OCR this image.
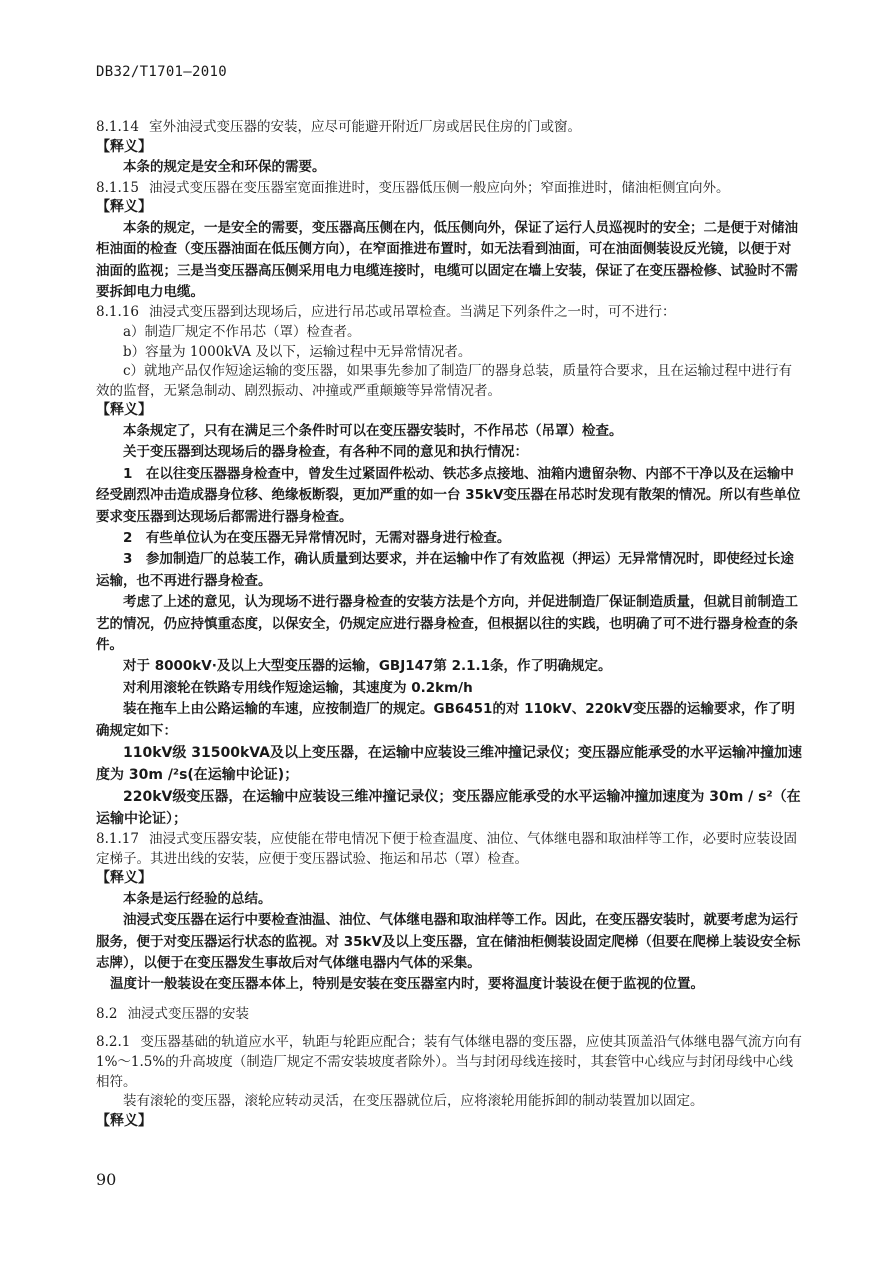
DB32/T1701—2010

8.1.14 室外油浸式变压器的安装，应尽可能避开附近厂房或居民住房的门或窗。

【释义】

本条的规定是安全和环保的需要。

8.1.15 油浸式变压器在变压器室宽面推进时，变压器低压侧一般应向外；窄面推进时，储油柜侧宜向外。

【释义】

本条的规定，一是安全的需要，变压器高压侧在内，低压侧向外，保证了运行人员巡视时的安全；二是便于对储油柜油面的检查（变压器油面在低压侧方向），在窄面推进布置时，如无法看到油面，可在油面侧装设反光镜，以便于对油面的监视；三是当变压器高压侧采用电力电缆连接时，电缆可以固定在墙上安装，保证了在变压器检修、试验时不需要拆卸电力电缆。

8.1.16 油浸式变压器到达现场后，应进行吊芯或吊罩检查。当满足下列条件之一时，可不进行：

a）制造厂规定不作吊芯（罩）检查者。

b）容量为 1000kVA 及以下，运输过程中无异常情况者。

c）就地产品仅作短途运输的变压器，如果事先参加了制造厂的器身总装，质量符合要求，且在运输过程中进行有效的监督，无紧急制动、剧烈振动、冲撞或严重颠簸等异常情况者。

【释义】

本条规定了，只有在满足三个条件时可以在变压器安装时，不作吊芯（吊罩）检查。

关于变压器到达现场后的器身检查，有各种不同的意见和执行情况：

1　在以往变压器器身检查中，曾发生过紧固件松动、铁芯多点接地、油箱内遗留杂物、内部不干净以及在运输中经受剧烈冲击造成器身位移、绝缘板断裂，更加严重的如一台 35kV变压器在吊芯时发现有散架的情况。所以有些单位要求变压器到达现场后都需进行器身检查。

2　有些单位认为在变压器无异常情况时，无需对器身进行检查。

3　参加制造厂的总装工作，确认质量到达要求，并在运输中作了有效监视（押运）无异常情况时，即使经过长途运输，也不再进行器身检查。

考虑了上述的意见，认为现场不进行器身检查的安装方法是个方向，并促进制造厂保证制造质量，但就目前制造工艺的情况，仍应持慎重态度，以保安全，仍规定应进行器身检查，但根据以往的实践，也明确了可不进行器身检查的条件。

对于 8000kV·及以上大型变压器的运输，GBJ147第 2.1.1条，作了明确规定。

对利用滚轮在铁路专用线作短途运输，其速度为 0.2km/h

装在拖车上由公路运输的车速，应按制造厂的规定。GB6451的对 110kV、220kV变压器的运输要求，作了明确规定如下：

110kV级 31500kVA及以上变压器，在运输中应装设三维冲撞记录仪；变压器应能承受的水平运输冲撞加速度为 30m /²s(在运输中论证)；

220kV级变压器，在运输中应装设三维冲撞记录仪；变压器应能承受的水平运输冲撞加速度为 30m / s²（在运输中论证）；

8.1.17 油浸式变压器安装，应使能在带电情况下便于检查温度、油位、气体继电器和取油样等工作，必要时应装设固定梯子。其进出线的安装，应便于变压器试验、拖运和吊芯（罩）检查。

【释义】

本条是运行经验的总结。

油浸式变压器在运行中要检查油温、油位、气体继电器和取油样等工作。因此，在变压器安装时，就要考虑为运行服务，便于对变压器运行状态的监视。对 35kV及以上变压器，宜在储油柜侧装设固定爬梯（但要在爬梯上装设安全标志牌），以便于在变压器发生事故后对气体继电器内气体的采集。

温度计一般装设在变压器本体上，特别是安装在变压器室内时，要将温度计装设在便于监视的位置。

8.2 油浸式变压器的安装

8.2.1 变压器基础的轨道应水平，轨距与轮距应配合；装有气体继电器的变压器，应使其顶盖沿气体继电器气流方向有 1%～1.5%的升高坡度（制造厂规定不需安装坡度者除外）。当与封闭母线连接时，其套管中心线应与封闭母线中心线相符。

装有滚轮的变压器，滚轮应转动灵活，在变压器就位后，应将滚轮用能拆卸的制动装置加以固定。

【释义】

90
